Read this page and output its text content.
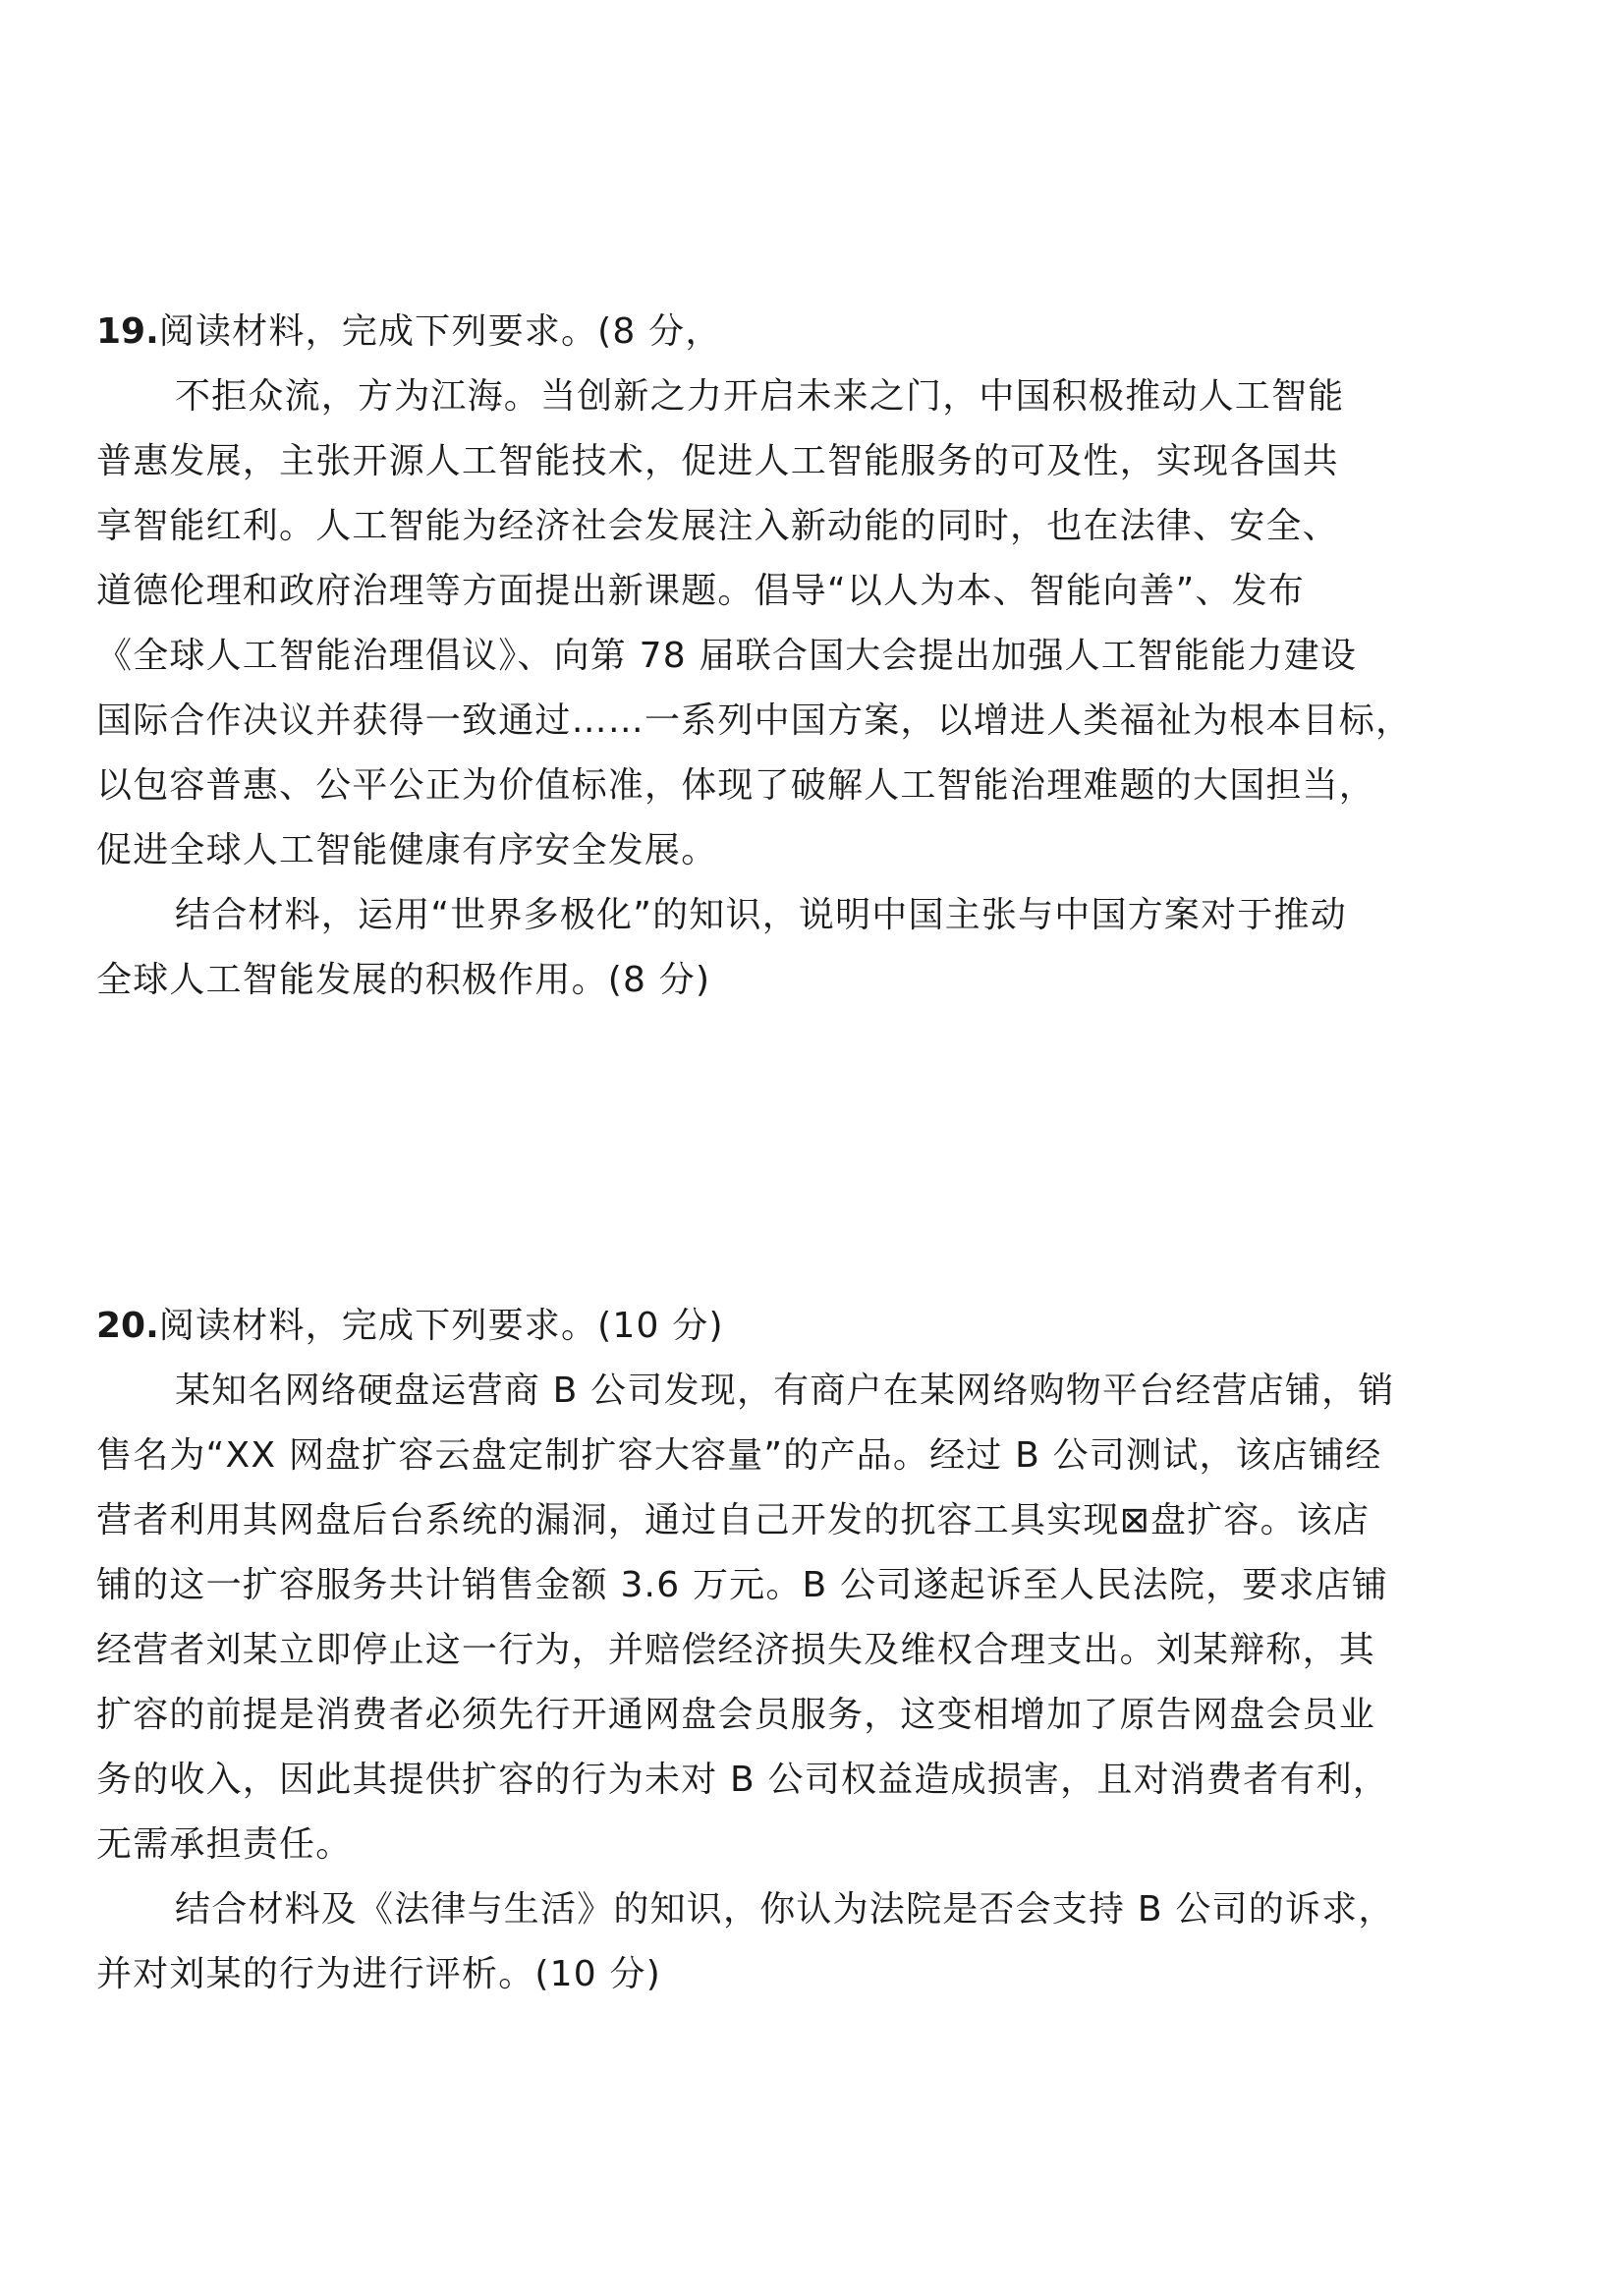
19.阅读材料，完成下列要求。(8 分，
不拒众流，方为江海。当创新之力开启未来之门，中国积极推动人工智能
普惠发展，主张开源人工智能技术，促进人工智能服务的可及性，实现各国共
享智能红利。人工智能为经济社会发展注入新动能的同时，也在法律、安全、
道德伦理和政府治理等方面提出新课题。倡导“以人为本、智能向善”、发布
《全球人工智能治理倡议》、向第 78 届联合国大会提出加强人工智能能力建设
国际合作决议并获得一致通过……一系列中国方案，以增进人类福祉为根本目标，
以包容普惠、公平公正为价值标准，体现了破解人工智能治理难题的大国担当，
促进全球人工智能健康有序安全发展。
结合材料，运用“世界多极化”的知识，说明中国主张与中国方案对于推动
全球人工智能发展的积极作用。(8 分)
20.阅读材料，完成下列要求。(10 分)
某知名网络硬盘运营商 B 公司发现，有商户在某网络购物平台经营店铺，销
售名为“XX 网盘扩容云盘定制扩容大容量”的产品。经过 B 公司测试，该店铺经
营者利用其网盘后台系统的漏洞，通过自己开发的扤容工具实现⊠盘扩容。该店
铺的这一扩容服务共计销售金额 3.6 万元。B 公司遂起诉至人民法院，要求店铺
经营者刘某立即停止这一行为，并赔偿经济损失及维权合理支出。刘某辩称，其
扩容的前提是消费者必须先行开通网盘会员服务，这变相增加了原告网盘会员业
务的收入，因此其提供扩容的行为未对 B 公司权益造成损害，且对消费者有利，
无需承担责任。
结合材料及《法律与生活》的知识，你认为法院是否会支持 B 公司的诉求，
并对刘某的行为进行评析。(10 分)
